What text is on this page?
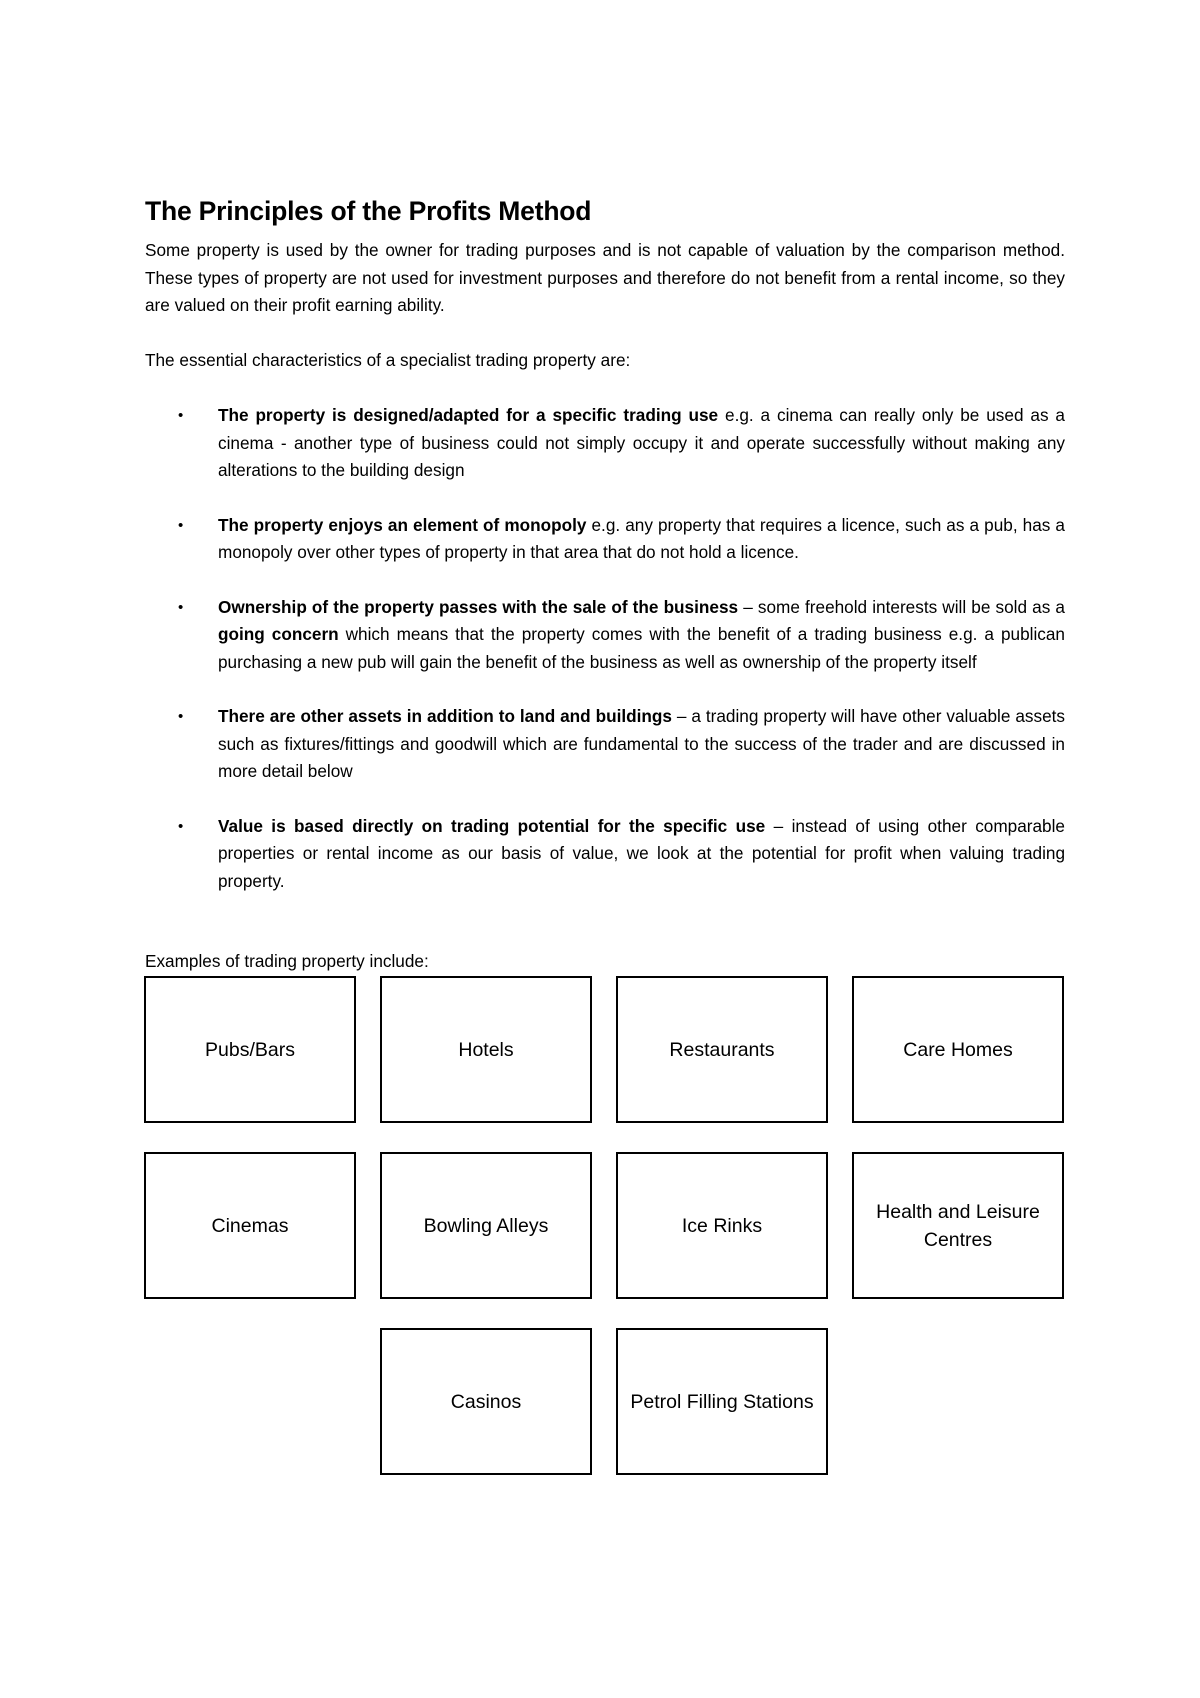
The Principles of the Profits Method

Some property is used by the owner for trading purposes and is not capable of valuation by the comparison method. These types of property are not used for investment purposes and therefore do not benefit from a rental income, so they are valued on their profit earning ability.

The essential characteristics of a specialist trading property are:

• The property is designed/adapted for a specific trading use e.g. a cinema can really only be used as a cinema - another type of business could not simply occupy it and operate successfully without making any alterations to the building design
• The property enjoys an element of monopoly e.g. any property that requires a licence, such as a pub, has a monopoly over other types of property in that area that do not hold a licence.
• Ownership of the property passes with the sale of the business – some freehold interests will be sold as a going concern which means that the property comes with the benefit of a trading business e.g. a publican purchasing a new pub will gain the benefit of the business as well as ownership of the property itself
• There are other assets in addition to land and buildings – a trading property will have other valuable assets such as fixtures/fittings and goodwill which are fundamental to the success of the trader and are discussed in more detail below
• Value is based directly on trading potential for the specific use – instead of using other comparable properties or rental income as our basis of value, we look at the potential for profit when valuing trading property.

Examples of trading property include:

Pubs/Bars	Hotels	Restaurants	Care Homes
Cinemas	Bowling Alleys	Ice Rinks
Health and Leisure Centres
Casinos	Petrol Filling Stations
